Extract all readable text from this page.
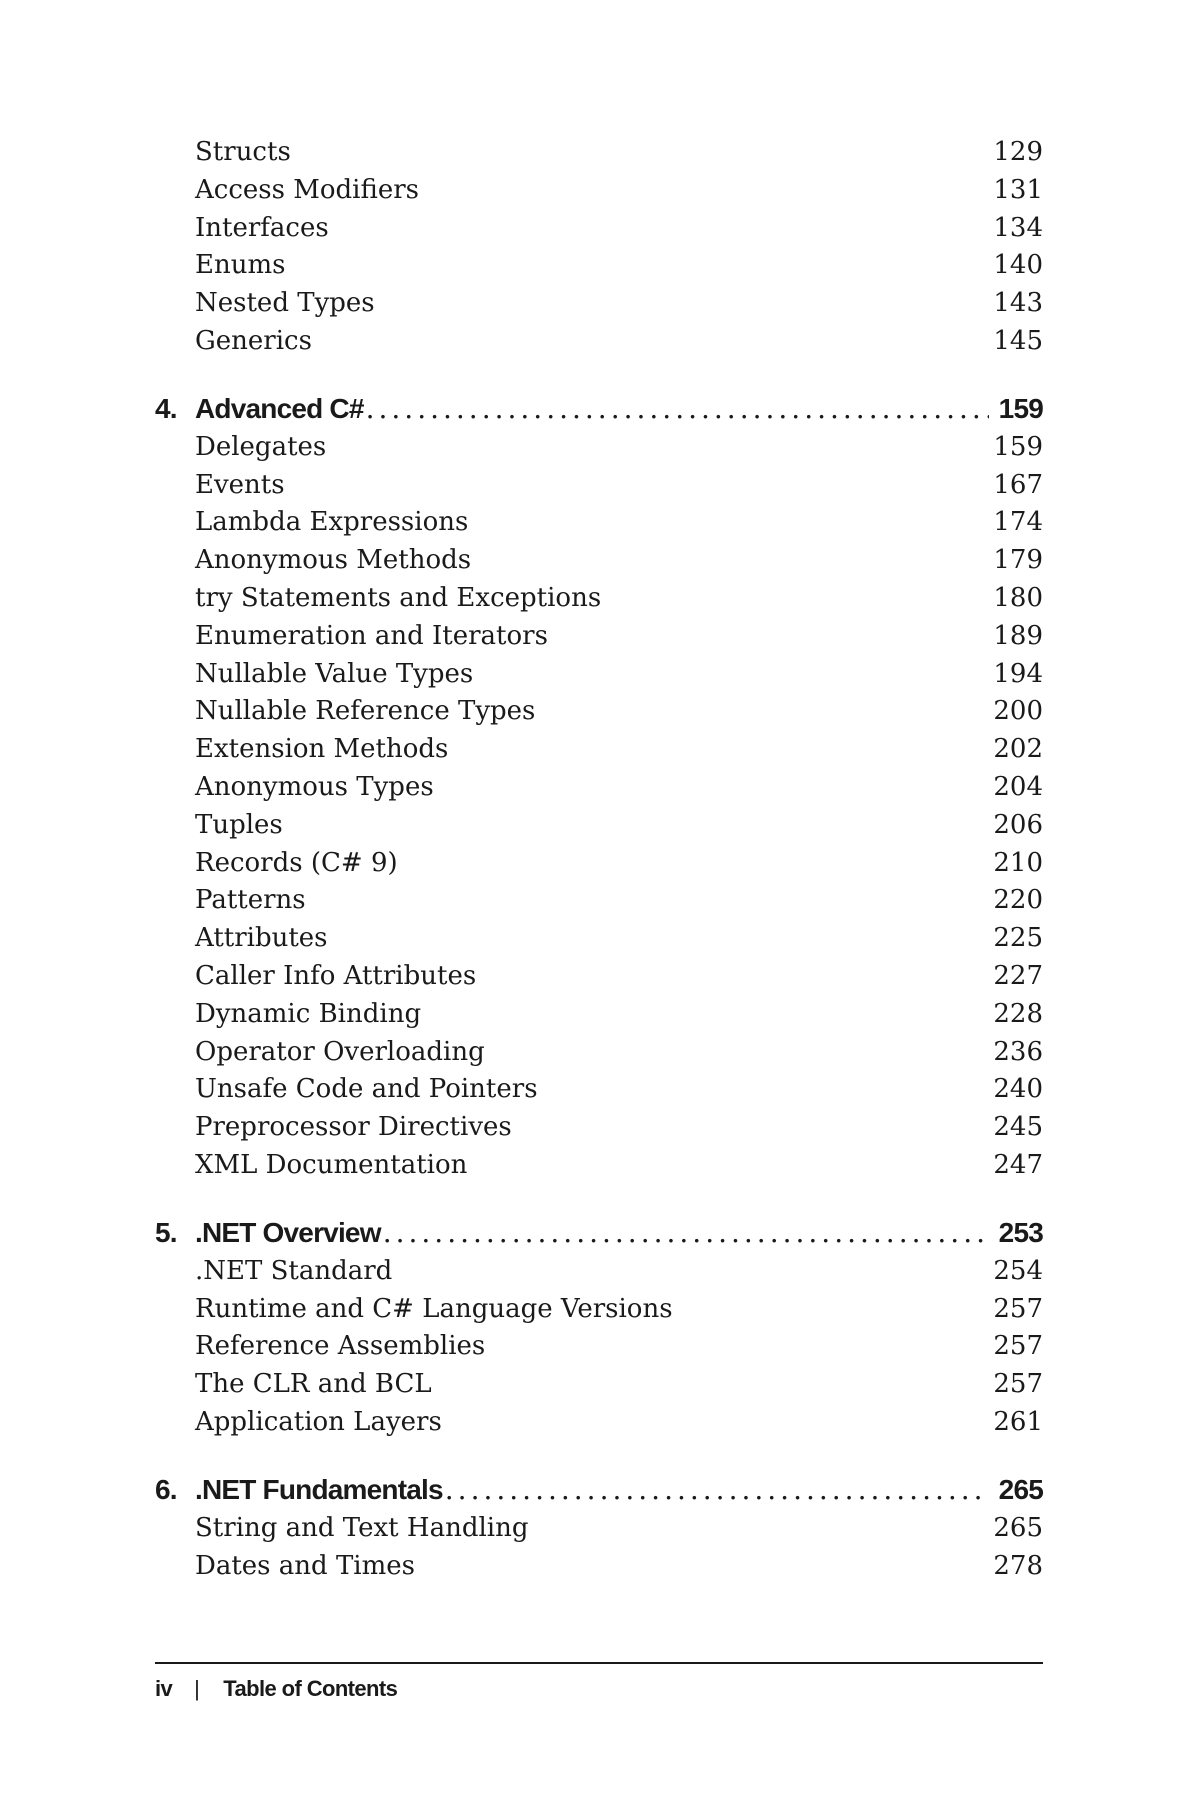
Structs	129
Access Modifiers	131
Interfaces	134
Enums	140
Nested Types	143
Generics	145
4. Advanced C# .....	159
Delegates	159
Events	167
Lambda Expressions	174
Anonymous Methods	179
try Statements and Exceptions	180
Enumeration and Iterators	189
Nullable Value Types	194
Nullable Reference Types	200
Extension Methods	202
Anonymous Types	204
Tuples	206
Records (C# 9)	210
Patterns	220
Attributes	225
Caller Info Attributes	227
Dynamic Binding	228
Operator Overloading	236
Unsafe Code and Pointers	240
Preprocessor Directives	245
XML Documentation	247
5. .NET Overview .....	253
.NET Standard	254
Runtime and C# Language Versions	257
Reference Assemblies	257
The CLR and BCL	257
Application Layers	261
6. .NET Fundamentals .....	265
String and Text Handling	265
Dates and Times	278
iv | Table of Contents
